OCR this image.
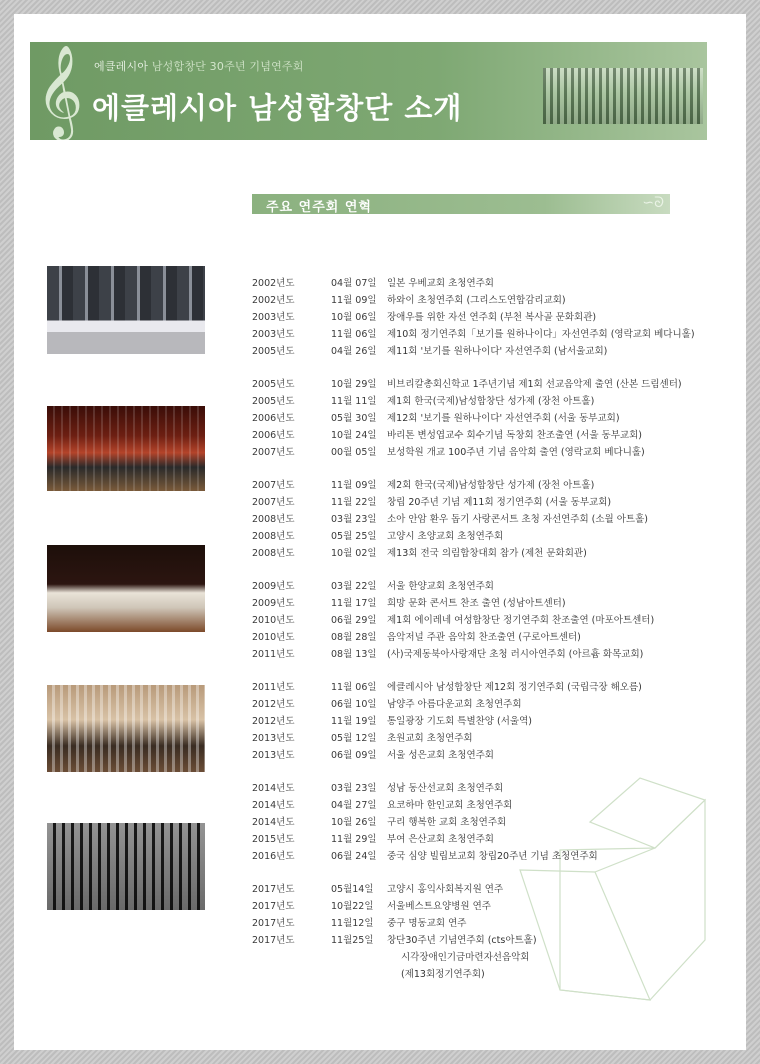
𝄞 에클레시아 남성합창단 30주년 기념연주회
에클레시아 남성합창단 소개
주요 연주회 연혁	∽ᘐ
2002년도	04월 07일	일본 우베교회 초청연주회
2002년도	11월 09일	하와이 초청연주회 (그리스도연합감리교회)
2003년도	10월 06일	장애우를 위한 자선 연주회 (부천 복사골 문화회관)
2003년도	11월 06일	제10회 정기연주회「보기를 원하나이다」자선연주회 (영락교회 베다니홀)
2005년도	04월 26일	제11회 '보기를 원하나이다' 자선연주회 (남서울교회)
2005년도	10월 29일	비브리칼총회신학교 1주년기념 제1회 선교음악제 출연 (산본 드림센터)
2005년도	11월 11일	제1회 한국(국제)남성합창단 성가제 (장천 아트홀)
2006년도	05월 30일	제12회 '보기를 원하나이다' 자선연주회 (서울 동부교회)
2006년도	10월 24일	바리톤 변성엽교수 회수기념 독창회 찬조출연 (서울 동부교회)
2007년도	00월 05일	보성학원 개교 100주년 기념 음악회 출연 (영락교회 베다니홀)
2007년도	11월 09일	제2회 한국(국제)남성합창단 성가제 (장천 아트홀)
2007년도	11월 22일	창립 20주년 기념 제11회 정기연주회 (서울 동부교회)
2008년도	03월 23일	소아 안암 환우 돕기 사랑콘서트 초청 자선연주회 (소월 아트홀)
2008년도	05월 25일	고양시 초양교회 초청연주회
2008년도	10월 02일	제13회 전국 의림합창대회 참가 (제천 문화회관)
2009년도	03월 22일	서울 한양교회 초청연주회
2009년도	11월 17일	희망 문화 콘서트 찬조 출연 (성남아트센터)
2010년도	06월 29일	제1회 에이레네 여성합창단 정기연주회 찬조출연 (마포아트센터)
2010년도	08월 28일	음악저널 주관 음악회 찬조출연 (구로아트센터)
2011년도	08월 13일	(사)국제동북아사랑재단 초청 러시아연주회 (아르흄 화목교회)
2011년도	11월 06일	에클레시아 남성합창단 제12회 정기연주회 (국립극장 해오름)
2012년도	06월 10일	남양주 아름다운교회 초청연주회
2012년도	11월 19일	통일광장 기도회 특별찬양 (서울역)
2013년도	05월 12일	초원교회 초청연주회
2013년도	06월 09일	서울 성은교회 초청연주회
2014년도	03월 23일	성남 동산선교회 초청연주회
2014년도	04월 27일	요코하마 한인교회 초청연주회
2014년도	10월 26일	구리 행복한 교회 초청연주회
2015년도	11월 29일	부여 은산교회 초청연주회
2016년도	06월 24일	중국 심양 빌립보교회 창립20주년 기념 초청연주회
2017년도	05월14일	고양시 홍익사회복지원 연주
2017년도	10월22일	서울베스트요양병원 연주
2017년도	11월12일	중구 명동교회 연주
2017년도	11월25일	창단30주년 기념연주회 (cts아트홀)
시각장애인기금마련자선음악회
(제13회정기연주회)
